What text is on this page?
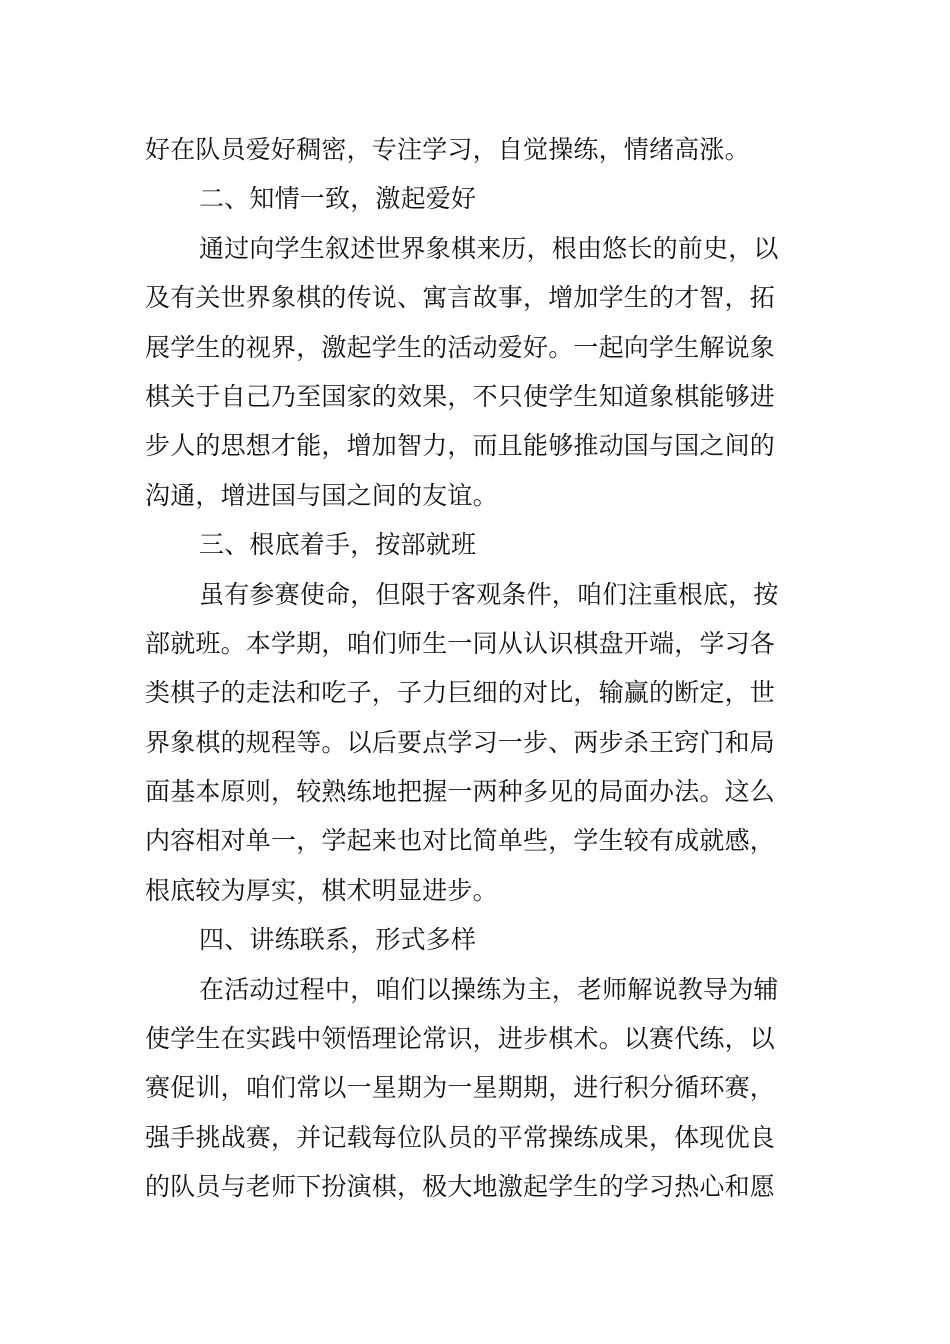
好在队员爱好稠密，专注学习，自觉操练，情绪高涨。
二、知情一致，激起爱好
通过向学生叙述世界象棋来历，根由悠长的前史，以
及有关世界象棋的传说、寓言故事，增加学生的才智，拓
展学生的视界，激起学生的活动爱好。一起向学生解说象
棋关于自己乃至国家的效果，不只使学生知道象棋能够进
步人的思想才能，增加智力，而且能够推动国与国之间的
沟通，增进国与国之间的友谊。
三、根底着手，按部就班
虽有参赛使命，但限于客观条件，咱们注重根底，按
部就班。本学期，咱们师生一同从认识棋盘开端，学习各
类棋子的走法和吃子，子力巨细的对比，输赢的断定，世
界象棋的规程等。以后要点学习一步、两步杀王窍门和局
面基本原则，较熟练地把握一两种多见的局面办法。这么
内容相对单一，学起来也对比简单些，学生较有成就感，
根底较为厚实，棋术明显进步。
四、讲练联系，形式多样
在活动过程中，咱们以操练为主，老师解说教导为辅
使学生在实践中领悟理论常识，进步棋术。以赛代练，以
赛促训，咱们常以一星期为一星期期，进行积分循环赛，
强手挑战赛，并记载每位队员的平常操练成果，体现优良
的队员与老师下扮演棋，极大地激起学生的学习热心和愿
